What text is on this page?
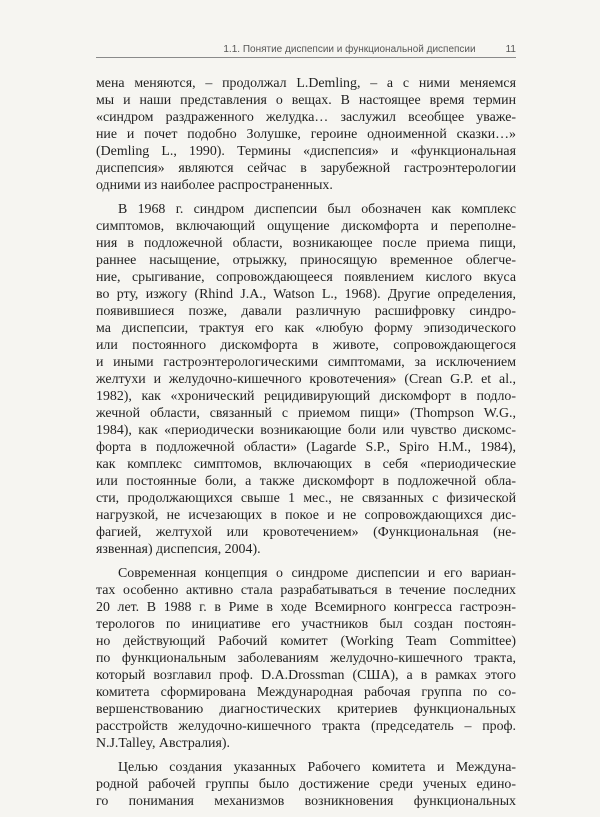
1.1. Понятие диспепсии и функциональной диспепсии	11
мена меняются, – продолжал L.Demling, – а с ними меняемся
мы и наши представления о вещах. В настоящее время термин
«синдром раздраженного желудка… заслужил всеобщее уваже-
ние и почет подобно Золушке, героине одноименной сказки…»
(Demling L., 1990). Термины «диспепсия» и «функциональная
диспепсия» являются сейчас в зарубежной гастроэнтерологии
одними из наиболее распространенных.
В 1968 г. синдром диспепсии был обозначен как комплекс
симптомов, включающий ощущение дискомфорта и переполне-
ния в подложечной области, возникающее после приема пищи,
раннее насыщение, отрыжку, приносящую временное облегче-
ние, срыгивание, сопровождающееся появлением кислого вкуса
во рту, изжогу (Rhind J.A., Watson L., 1968). Другие определения,
появившиеся позже, давали различную расшифровку синдро-
ма диспепсии, трактуя его как «любую форму эпизодического
или постоянного дискомфорта в животе, сопровождающегося
и иными гастроэнтерологическими симптомами, за исключением
желтухи и желудочно-кишечного кровотечения» (Crean G.P. et al.,
1982), как «хронический рецидивирующий дискомфорт в подло-
жечной области, связанный с приемом пищи» (Thompson W.G.,
1984), как «периодически возникающие боли или чувство дискомс-
форта в подложечной области» (Lagarde S.P., Spiro H.M., 1984),
как комплекс симптомов, включающих в себя «периодические
или постоянные боли, а также дискомфорт в подложечной обла-
сти, продолжающихся свыше 1 мес., не связанных с физической
нагрузкой, не исчезающих в покое и не сопровождающихся дис-
фагией, желтухой или кровотечением» (Функциональная (не-
язвенная) диспепсия, 2004).
Современная концепция о синдроме диспепсии и его вариан-
тах особенно активно стала разрабатываться в течение последних
20 лет. В 1988 г. в Риме в ходе Всемирного конгресса гастроэн-
терологов по инициативе его участников был создан постоян-
но действующий Рабочий комитет (Working Team Committee)
по функциональным заболеваниям желудочно-кишечного тракта,
который возглавил проф. D.A.Drossman (США), а в рамках этого
комитета сформирована Международная рабочая группа по со-
вершенствованию диагностических критериев функциональных
расстройств желудочно-кишечного тракта (председатель – проф.
N.J.Talley, Австралия).
Целью создания указанных Рабочего комитета и Междуна-
родной рабочей группы было достижение среди ученых едино-
го понимания механизмов возникновения функциональных
